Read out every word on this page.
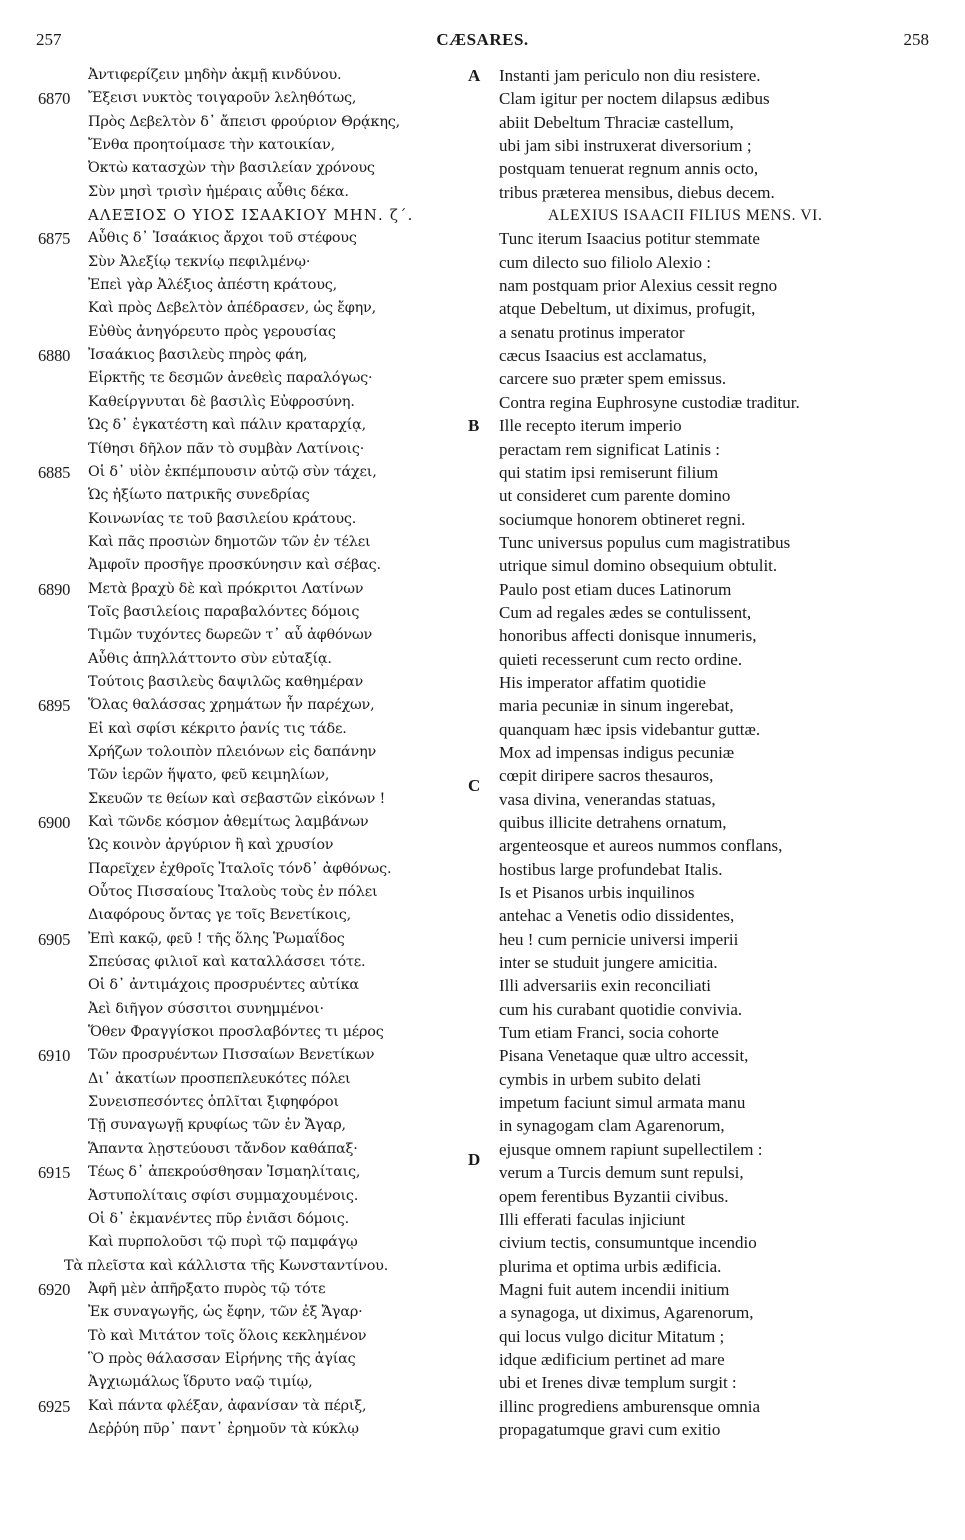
257	CÆSARES.	258
Ἀντιφερίζειν μηδὴν ἀκμῇ κινδύνου.
6870	Ἔξεισι νυκτὸς τοιγαροῦν λεληθότως,
Πρὸς Δεβελτὸν δ᾽ ἄπεισι φρούριον Θρᾴκης,
Ἔνθα προητοίμασε τὴν κατοικίαν,
Ὀκτὼ κατασχὼν τὴν βασιλείαν χρόνους
Σὺν μησὶ τρισὶν ἡμέραις αὖθις δέκα.
ΑΛΕΞΙΟΣ Ο ΥΙΟΣ ΙΣΑΑΚΙΟΥ ΜΗΝ. ζ΄.
6875	Αὖθις δ᾽ Ἰσαάκιος ἄρχοι τοῦ στέφους
Σὺν Ἀλεξίῳ τεκνίῳ πεφιλμένῳ·
Ἐπεὶ γὰρ Ἀλέξιος ἀπέστη κράτους,
Καὶ πρὸς Δεβελτὸν ἀπέδρασεν, ὡς ἔφην,
Εὐθὺς ἀνηγόρευτο πρὸς γερουσίας
6880	Ἰσαάκιος βασιλεὺς πηρὸς φάη,
Εἱρκτῆς τε δεσμῶν ἀνεθεὶς παραλόγως·
Καθείργνυται δὲ βασιλὶς Εὐφροσύνη.
Ὡς δ᾽ ἐγκατέστη καὶ πάλιν κραταρχίᾳ,
Τίθησι δῆλον πᾶν τὸ συμβὰν Λατίνοις·
6885	Οἱ δ᾽ υἱὸν ἐκπέμπουσιν αὐτῷ σὺν τάχει,
Ὡς ἠξίωτο πατρικῆς συνεδρίας
Κοινωνίας τε τοῦ βασιλείου κράτους.
Καὶ πᾶς προσιὼν δημοτῶν τῶν ἐν τέλει
Ἀμφοῖν προσῆγε προσκύνησιν καὶ σέβας.
6890	Μετὰ βραχὺ δὲ καὶ πρόκριτοι Λατίνων
Τοῖς βασιλείοις παραβαλόντες δόμοις
Τιμῶν τυχόντες δωρεῶν τ᾽ αὖ ἀφθόνων
Αὖθις ἀπηλλάττοντο σὺν εὐταξίᾳ.
Τούτοις βασιλεὺς δαψιλῶς καθημέραν
6895	Ὅλας θαλάσσας χρημάτων ἦν παρέχων,
Εἰ καὶ σφίσι κέκριτο ῥανίς τις τάδε.
Χρήζων τολοιπὸν πλειόνων εἰς δαπάνην
Τῶν ἱερῶν ἥψατο, φεῦ κειμηλίων,
Σκευῶν τε θείων καὶ σεβαστῶν εἰκόνων !
6900	Καὶ τῶνδε κόσμον ἀθεμίτως λαμβάνων
Ὡς κοινὸν ἀργύριον ἢ καὶ χρυσίον
Παρεῖχεν ἐχθροῖς Ἰταλοῖς τόνδ᾽ ἀφθόνως.
Οὗτος Πισσαίους Ἰταλοὺς τοὺς ἐν πόλει
Διαφόρους ὄντας γε τοῖς Βενετίκοις,
6905	Ἐπὶ κακῷ, φεῦ ! τῆς ὅλης Ῥωμαΐδος
Σπεύσας φιλιοῖ καὶ καταλλάσσει τότε.
Οἱ δ᾽ ἀντιμάχοις προσρυέντες αὐτίκα
Ἀεὶ διῆγον σύσσιτοι συνημμένοι·
Ὅθεν Φραγγίσκοι προσλαβόντες τι μέρος
6910	Τῶν προσρυέντων Πισσαίων Βενετίκων
Δι᾽ ἀκατίων προσπεπλευκότες πόλει
Συνεισπεσόντες ὁπλῖται ξιφηφόροι
Τῇ συναγωγῇ κρυφίως τῶν ἐν Ἄγαρ,
Ἅπαντα λῃστεύουσι τἄνδον καθάπαξ·
6915	Τέως δ᾽ ἀπεκρούσθησαν Ἰσμαηλίταις,
Ἀστυπολίταις σφίσι συμμαχουμένοις.
Οἱ δ᾽ ἐκμανέντες πῦρ ἐνιᾶσι δόμοις.
Καὶ πυρπολοῦσι τῷ πυρὶ τῷ παμφάγῳ
Τὰ πλεῖστα καὶ κάλλιστα τῆς Κωνσταντίνου.
6920	Ἀφῆ μὲν ἀπῆρξατο πυρὸς τῷ τότε
Ἐκ συναγωγῆς, ὡς ἔφην, τῶν ἐξ Ἄγαρ·
Τὸ καὶ Μιτάτον τοῖς ὅλοις κεκλημένον
Ὃ πρὸς θάλασσαν Εἰρήνης τῆς ἁγίας
Ἀγχιωμάλως ἵδρυτο ναῷ τιμίῳ,
6925	Καὶ πάντα φλέξαν, ἀφανίσαν τὰ πέριξ,
Δεῤῥύη πῦρ᾽ παντ᾽ ἐρημοῦν τὰ κύκλῳ
A Instanti jam periculo non diu resistere.
Clam igitur per noctem dilapsus ædibus
abiit Debeltum Thraciæ castellum,
ubi jam sibi instruxerat diversorium ;
postquam tenuerat regnum annis octo,
tribus præterea mensibus, diebus decem.
ALEXIUS ISAACII FILIUS MENS. VI.
Tunc iterum Isaacius potitur stemmate
cum dilecto suo filiolo Alexio :
nam postquam prior Alexius cessit regno
atque Debeltum, ut diximus, profugit,
a senatu protinus imperator
cæcus Isaacius est acclamatus,
carcere suo præter spem emissus.
Contra regina Euphrosyne custodiæ traditur.
B Ille recepto iterum imperio
peractam rem significat Latinis :
qui statim ipsi remiserunt filium
ut consideret cum parente domino
sociumque honorem obtineret regni.
Tunc universus populus cum magistratibus
utrique simul domino obsequium obtulit.
Paulo post etiam duces Latinorum
Cum ad regales ædes se contulissent,
honoribus affecti donisque innumeris,
quieti recesserunt cum recto ordine.
His imperator affatim quotidie
maria pecuniæ in sinum ingerebat,
quanquam hæc ipsis videbantur guttæ.
Mox ad impensas indigus pecuniæ
C
cœpit diripere sacros thesauros,
vasa divina, venerandas statuas,
quibus illicite detrahens ornatum,
argenteosque et aureos nummos conflans,
hostibus large profundebat Italis.
Is et Pisanos urbis inquilinos
antehac a Venetis odio dissidentes,
heu ! cum pernicie universi imperii
inter se studuit jungere amicitia.
Illi adversariis exin reconciliati
cum his curabant quotidie convivia.
Tum etiam Franci, socia cohorte
Pisana Venetaque quæ ultro accessit,
cymbis in urbem subito delati
impetum faciunt simul armata manu
in synagogam clam Agarenorum,
D
ejusque omnem rapiunt supellectilem :
verum a Turcis demum sunt repulsi,
opem ferentibus Byzantii civibus.
Illi efferati faculas injiciunt
civium tectis, consumuntque incendio
plurima et optima urbis ædificia.
Magni fuit autem incendii initium
a synagoga, ut diximus, Agarenorum,
qui locus vulgo dicitur Mitatum ;
idque ædificium pertinet ad mare
ubi et Irenes divæ templum surgit :
illinc progrediens amburensque omnia
propagatumque gravi cum exitio
